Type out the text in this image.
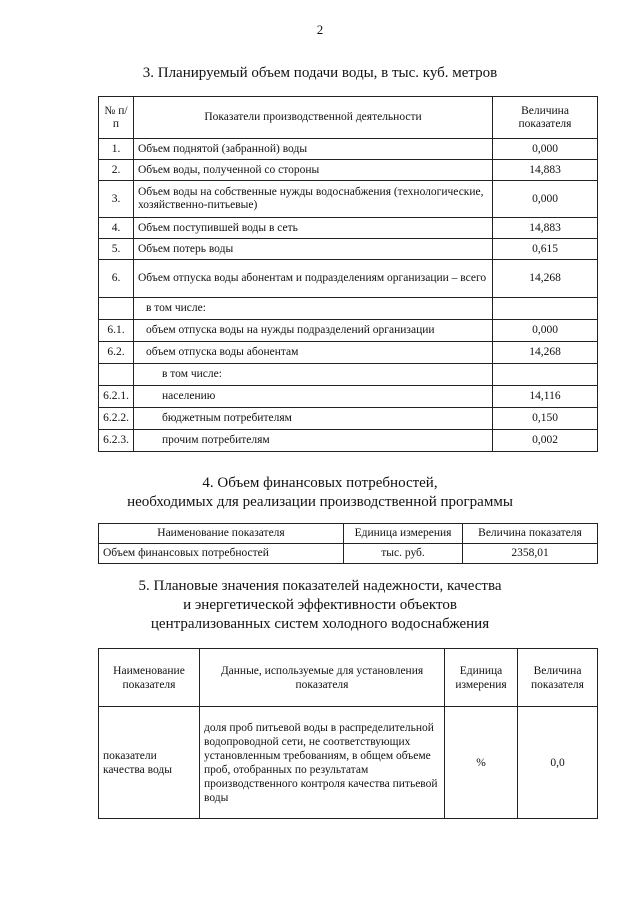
2
3. Планируемый объем подачи воды, в тыс. куб. метров
№ п/п	Показатели производственной деятельности	Величина показателя
1.	Объем поднятой (забранной) воды	0,000
2.	Объем воды, полученной со стороны	14,883
3.	Объем воды на собственные нужды водоснабжения (технологические, хозяйственно-питьевые)	0,000
4.	Объем поступившей воды в сеть	14,883
5.	Объем потерь воды	0,615
6.	Объем отпуска воды абонентам и подразделениям организации – всего	14,268
	в том числе:	
6.1.	объем отпуска воды на нужды подразделений организации	0,000
6.2.	объем отпуска воды абонентам	14,268
	в том числе:	
6.2.1.	населению	14,116
6.2.2.	бюджетным потребителям	0,150
6.2.3.	прочим потребителям	0,002
4. Объем финансовых потребностей,
необходимых для реализации производственной программы
Наименование показателя	Единица измерения	Величина показателя
Объем финансовых потребностей	тыс. руб.	2358,01
5. Плановые значения показателей надежности, качества
и энергетической эффективности объектов
централизованных систем холодного водоснабжения
Наименование показателя	Данные, используемые для установления показателя	Единица измерения	Величина показателя
показатели качества воды	доля проб питьевой воды в распределительной водопроводной сети, не соответствующих установленным требованиям, в общем объеме проб, отобранных по результатам производственного контроля качества питьевой воды	%	0,0
